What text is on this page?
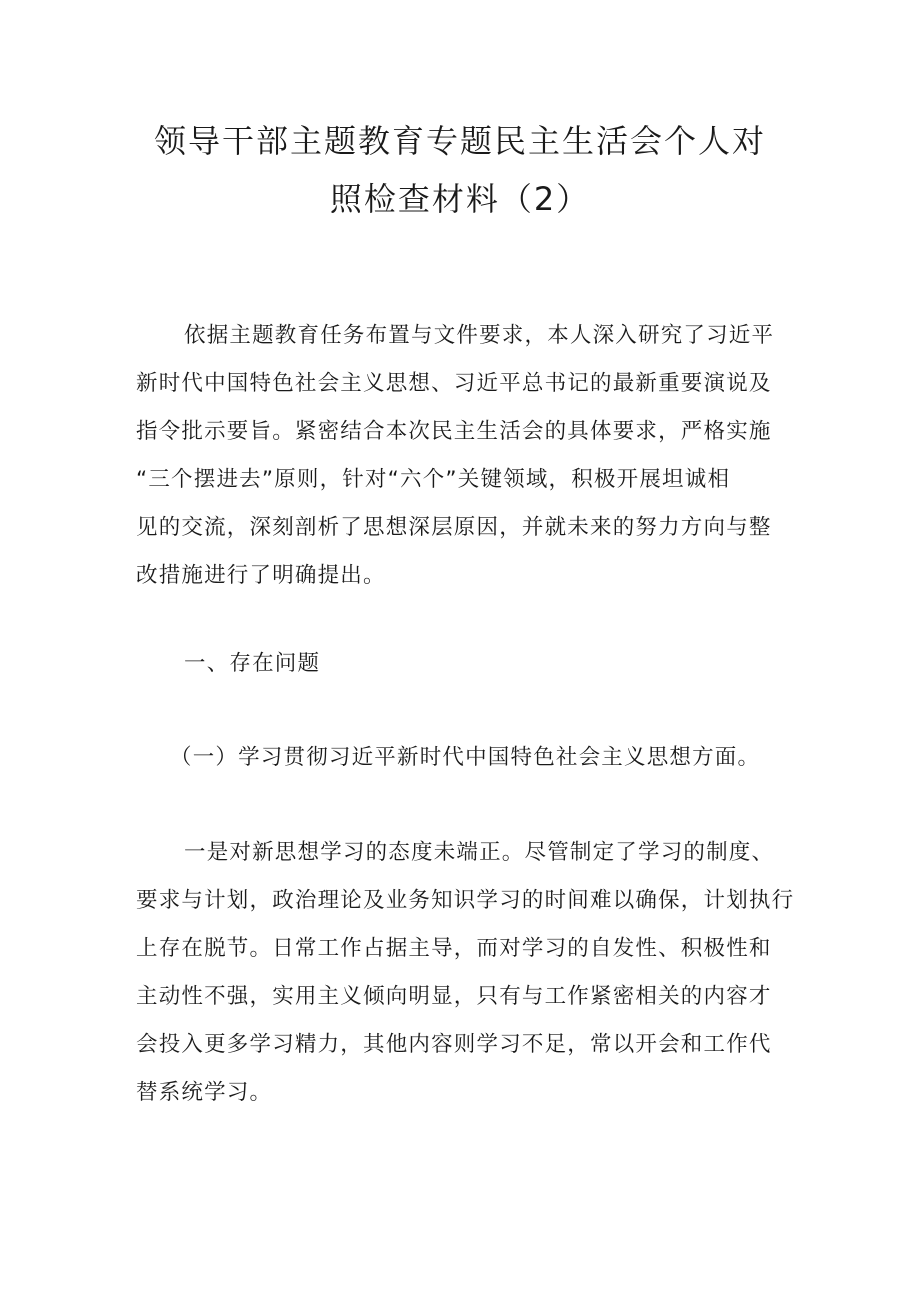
领导干部主题教育专题民主生活会个人对
照检查材料（2）

依据主题教育任务布置与文件要求，本人深入研究了习近平
新时代中国特色社会主义思想、习近平总书记的最新重要演说及
指令批示要旨。紧密结合本次民主生活会的具体要求，严格实施
“三个摆进去”原则，针对“六个”关键领域，积极开展坦诚相
见的交流，深刻剖析了思想深层原因，并就未来的努力方向与整
改措施进行了明确提出。

一、存在问题

（一）学习贯彻习近平新时代中国特色社会主义思想方面。

一是对新思想学习的态度未端正。尽管制定了学习的制度、
要求与计划，政治理论及业务知识学习的时间难以确保，计划执行
上存在脱节。日常工作占据主导，而对学习的自发性、积极性和
主动性不强，实用主义倾向明显，只有与工作紧密相关的内容才
会投入更多学习精力，其他内容则学习不足，常以开会和工作代
替系统学习。
